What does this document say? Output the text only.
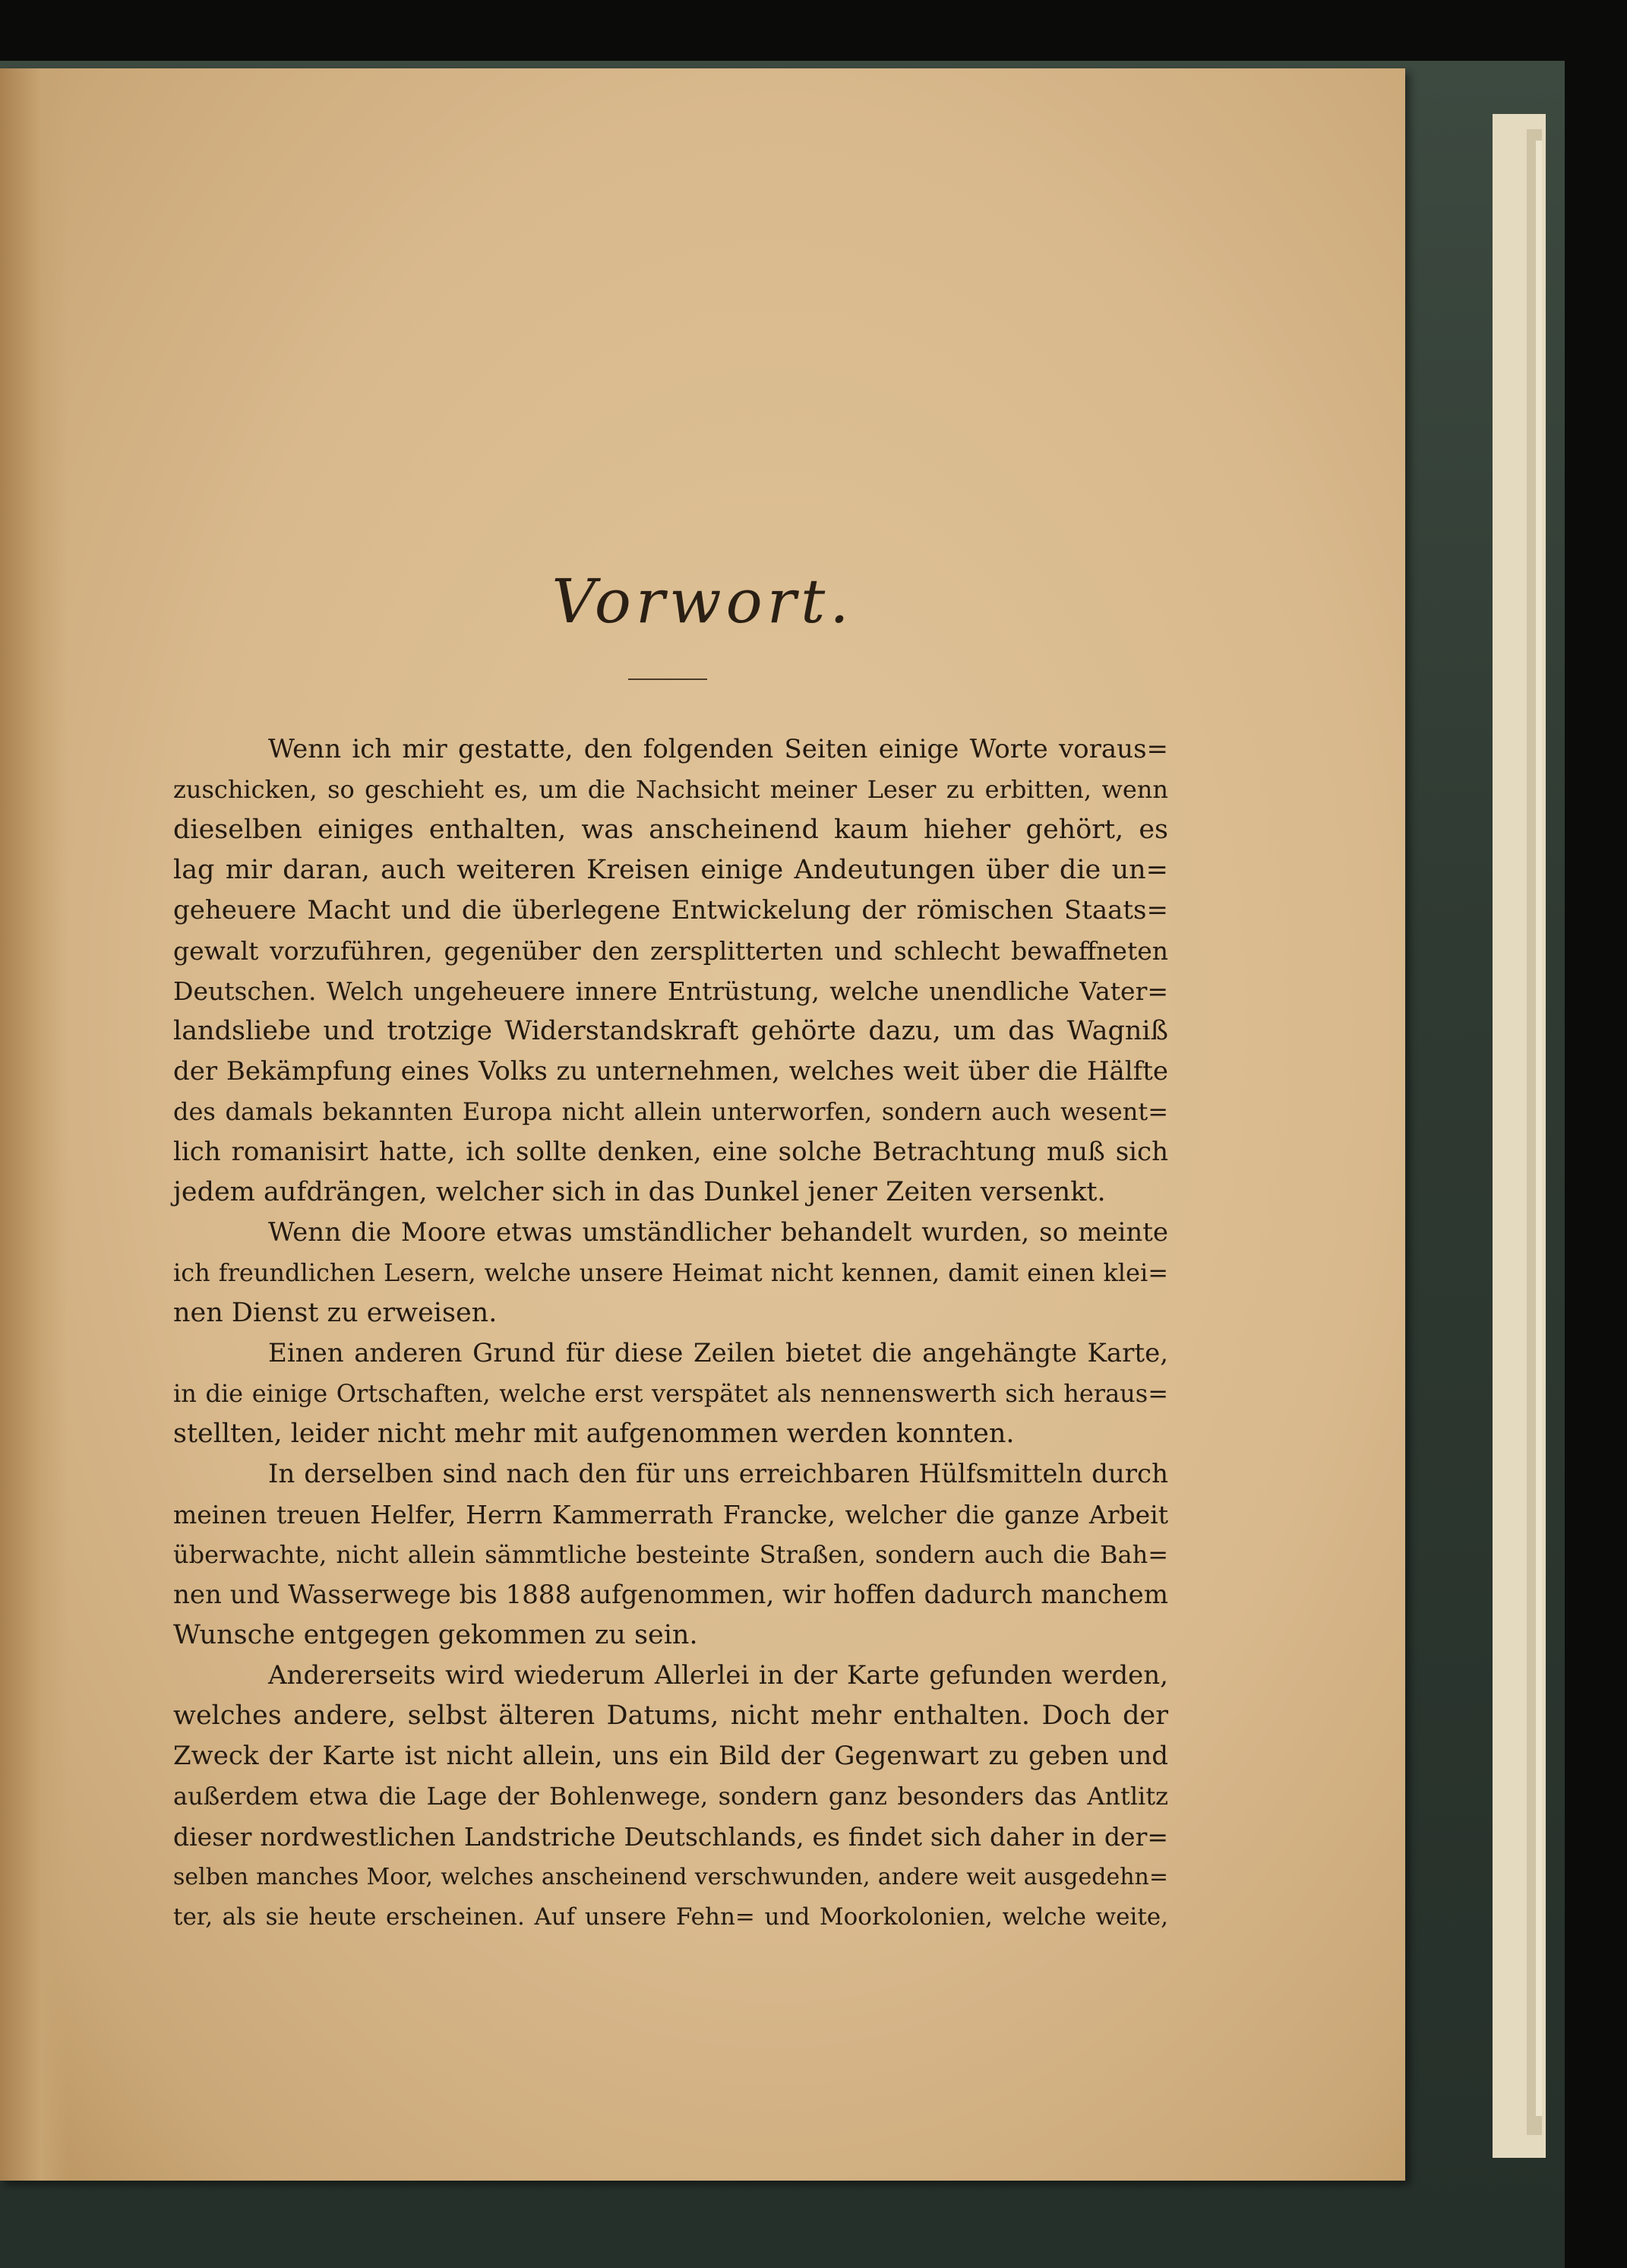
Vorwort.
Wenn ich mir gestatte, den folgenden Seiten einige Worte voraus=
zuschicken, so geschieht es, um die Nachsicht meiner Leser zu erbitten, wenn
dieselben einiges enthalten, was anscheinend kaum hieher gehört, es
lag mir daran, auch weiteren Kreisen einige Andeutungen über die un=
geheuere Macht und die überlegene Entwickelung der römischen Staats=
gewalt vorzuführen, gegenüber den zersplitterten und schlecht bewaffneten
Deutschen. Welch ungeheuere innere Entrüstung, welche unendliche Vater=
landsliebe und trotzige Widerstandskraft gehörte dazu, um das Wagniß
der Bekämpfung eines Volks zu unternehmen, welches weit über die Hälfte
des damals bekannten Europa nicht allein unterworfen, sondern auch wesent=
lich romanisirt hatte, ich sollte denken, eine solche Betrachtung muß sich
jedem aufdrängen, welcher sich in das Dunkel jener Zeiten versenkt.
Wenn die Moore etwas umständlicher behandelt wurden, so meinte
ich freundlichen Lesern, welche unsere Heimat nicht kennen, damit einen klei=
nen Dienst zu erweisen.
Einen anderen Grund für diese Zeilen bietet die angehängte Karte,
in die einige Ortschaften, welche erst verspätet als nennenswerth sich heraus=
stellten, leider nicht mehr mit aufgenommen werden konnten.
In derselben sind nach den für uns erreichbaren Hülfsmitteln durch
meinen treuen Helfer, Herrn Kammerrath Francke, welcher die ganze Arbeit
überwachte, nicht allein sämmtliche besteinte Straßen, sondern auch die Bah=
nen und Wasserwege bis 1888 aufgenommen, wir hoffen dadurch manchem
Wunsche entgegen gekommen zu sein.
Andererseits wird wiederum Allerlei in der Karte gefunden werden,
welches andere, selbst älteren Datums, nicht mehr enthalten. Doch der
Zweck der Karte ist nicht allein, uns ein Bild der Gegenwart zu geben und
außerdem etwa die Lage der Bohlenwege, sondern ganz besonders das Antlitz
dieser nordwestlichen Landstriche Deutschlands, es findet sich daher in der=
selben manches Moor, welches anscheinend verschwunden, andere weit ausgedehn=
ter, als sie heute erscheinen. Auf unsere Fehn= und Moorkolonien, welche weite,
